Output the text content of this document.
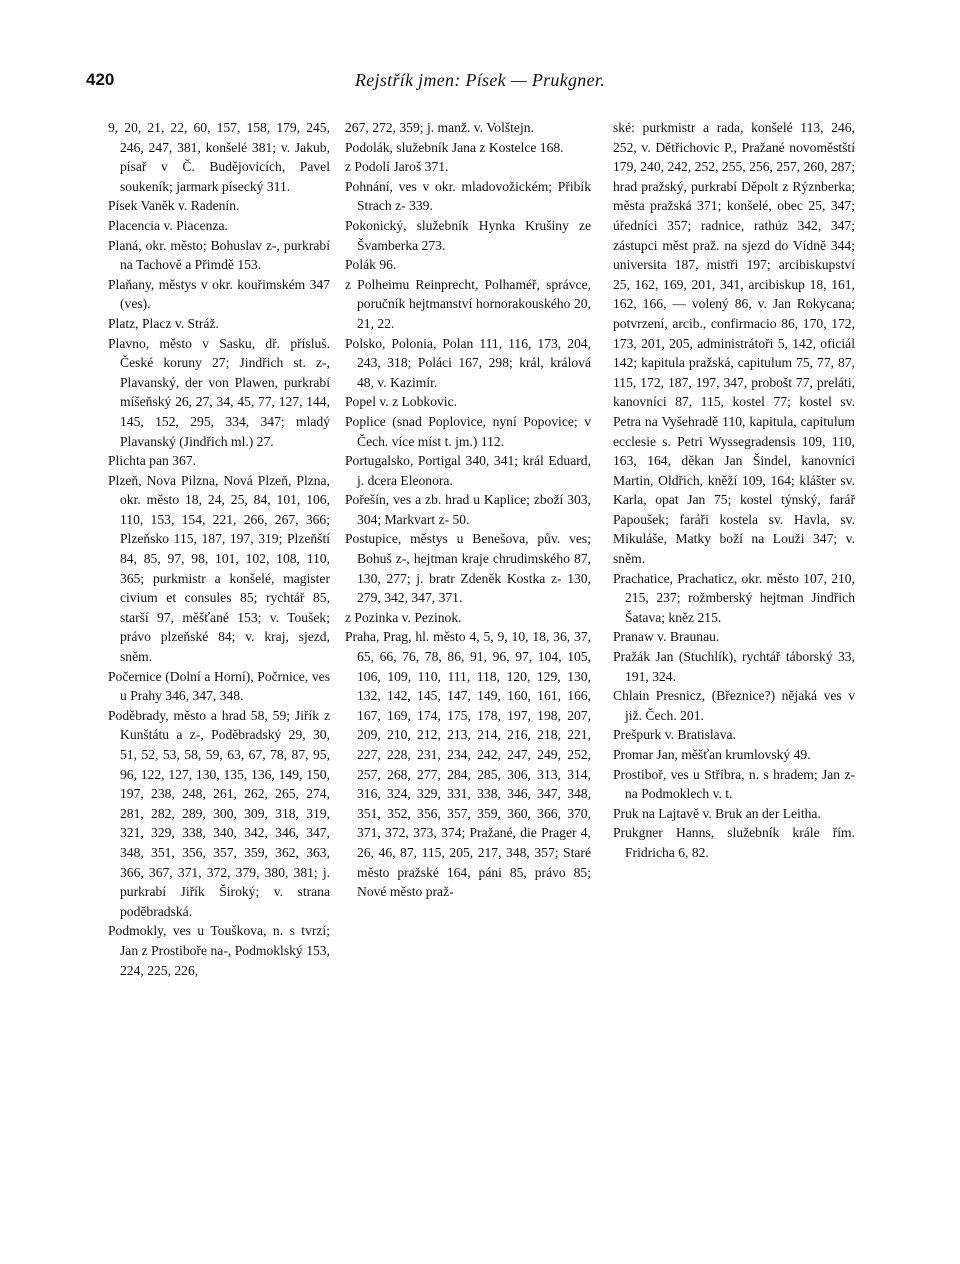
420	Rejstřík jmen: Písek — Prukgner.

9, 20, 21, 22, 60, 157, 158, 179, 245, 246, 247, 381, konšelé 381; v. Jakub, písař v Č. Budějovicích, Pavel soukeník; jarmark písecký 311.

Písek Vaněk v. Radenín.

Placencia v. Piacenza.

Planá, okr. město; Bohuslav z-, purkrabí na Tachově a Přimdě 153.

Plaňany, městys v okr. kouřimském 347 (ves).

Platz, Placz v. Stráž.

Plavno, město v Sasku, dř. přísluš. České koruny 27; Jindřich st. z-, Plavanský, der von Plawen, purkrabí míšeňský 26, 27, 34, 45, 77, 127, 144, 145, 152, 295, 334, 347; mladý Plavanský (Jindřich ml.) 27.

Plichta pan 367.

Plzeň, Nova Pilzna, Nová Plzeň, Plzna, okr. město 18, 24, 25, 84, 101, 106, 110, 153, 154, 221, 266, 267, 366; Plzeňsko 115, 187, 197, 319; Plzeňští 84, 85, 97, 98, 101, 102, 108, 110, 365; purkmistr a konšelé, magister civium et consules 85; rychtář 85, starší 97, měšťané 153; v. Toušek; právo plzeňské 84; v. kraj, sjezd, sněm.

Počernice (Dolní a Horní), Počrnice, ves u Prahy 346, 347, 348.

Poděbrady, město a hrad 58, 59; Jiřík z Kunštátu a z-, Poděbradský 29, 30, 51, 52, 53, 58, 59, 63, 67, 78, 87, 95, 96, 122, 127, 130, 135, 136, 149, 150, 197, 238, 248, 261, 262, 265, 274, 281, 282, 289, 300, 309, 318, 319, 321, 329, 338, 340, 342, 346, 347, 348, 351, 356, 357, 359, 362, 363, 366, 367, 371, 372, 379, 380, 381; j. purkrabí Jiřík Široký; v. strana poděbradská.

Podmokly, ves u Touškova, n. s tvrzí; Jan z Prostiboře na-, Podmoklský 153, 224, 225, 226,

267, 272, 359; j. manž. v. Volštejn.

Podolák, služebník Jana z Kostelce 168.

z Podolí Jaroš 371.

Pohnání, ves v okr. mladovožickém; Přibík Strach z- 339.

Pokonický, služebník Hynka Krušiny ze Švamberka 273.

Polák 96.

z Polheimu Reinprecht, Polhaméř, správce, poručník hejtmanství hornorakouského 20, 21, 22.

Polsko, Polonia, Polan 111, 116, 173, 204, 243, 318; Poláci 167, 298; král, králová 48, v. Kazimír.

Popel v. z Lobkovic.

Poplice (snad Poplovice, nyní Popovice; v Čech. více míst t. jm.) 112.

Portugalsko, Portigal 340, 341; král Eduard, j. dcera Eleonora.

Pořešín, ves a zb. hrad u Kaplice; zboží 303, 304; Markvart z- 50.

Postupice, městys u Benešova, pův. ves; Bohuš z-, hejtman kraje chrudimského 87, 130, 277; j. bratr Zdeněk Kostka z- 130, 279, 342, 347, 371.

z Pozinka v. Pezinok.

Praha, Prag, hl. město 4, 5, 9, 10, 18, 36, 37, 65, 66, 76, 78, 86, 91, 96, 97, 104, 105, 106, 109, 110, 111, 118, 120, 129, 130, 132, 142, 145, 147, 149, 160, 161, 166, 167, 169, 174, 175, 178, 197, 198, 207, 209, 210, 212, 213, 214, 216, 218, 221, 227, 228, 231, 234, 242, 247, 249, 252, 257, 268, 277, 284, 285, 306, 313, 314, 316, 324, 329, 331, 338, 346, 347, 348, 351, 352, 356, 357, 359, 360, 366, 370, 371, 372, 373, 374; Pražané, die Prager 4, 26, 46, 87, 115, 205, 217, 348, 357; Staré město pražské 164, páni 85, právo 85; Nové město praž-

ské: purkmistr a rada, konšelé 113, 246, 252, v. Dětřichovic P., Pražané novoměstští 179, 240, 242, 252, 255, 256, 257, 260, 287; hrad pražský, purkrabí Děpolt z Rýznberka; města pražská 371; konšelé, obec 25, 347; úředníci 357; radnice, rathúz 342, 347; zástupci měst praž. na sjezd do Vídně 344; universita 187, mistři 197; arcibiskupství 25, 162, 169, 201, 341, arcibiskup 18, 161, 162, 166, — volený 86, v. Jan Rokycana; potvrzení, arcib., confirmacio 86, 170, 172, 173, 201, 205, administrátoři 5, 142, oficiál 142; kapitula pražská, capitulum 75, 77, 87, 115, 172, 187, 197, 347, probošt 77, preláti, kanovníci 87, 115, kostel 77; kostel sv. Petra na Vyšehradě 110, kapitula, capitulum ecclesie s. Petri Wyssegradensis 109, 110, 163, 164, děkan Jan Šindel, kanovníci Martin, Oldřich, kněží 109, 164; klášter sv. Karla, opat Jan 75; kostel týnský, farář Papoušek; faráři kostela sv. Havla, sv. Mikuláše, Matky boží na Louži 347; v. sněm.

Prachatice, Prachaticz, okr. město 107, 210, 215, 237; rožmberský hejtman Jindřich Šatava; kněz 215.

Pranaw v. Braunau.

Pražák Jan (Stuchlík), rychtář táborský 33, 191, 324.

Chlain Presnicz, (Březnice?) nějaká ves v již. Čech. 201.

Prešpurk v. Bratislava.

Promar Jan, měšťan krumlovský 49.

Prostiboř, ves u Stříbra, n. s hradem; Jan z- na Podmoklech v. t.

Pruk na Lajtavě v. Bruk an der Leitha.

Prukgner Hanns, služebník krále řím. Fridricha 6, 82.
